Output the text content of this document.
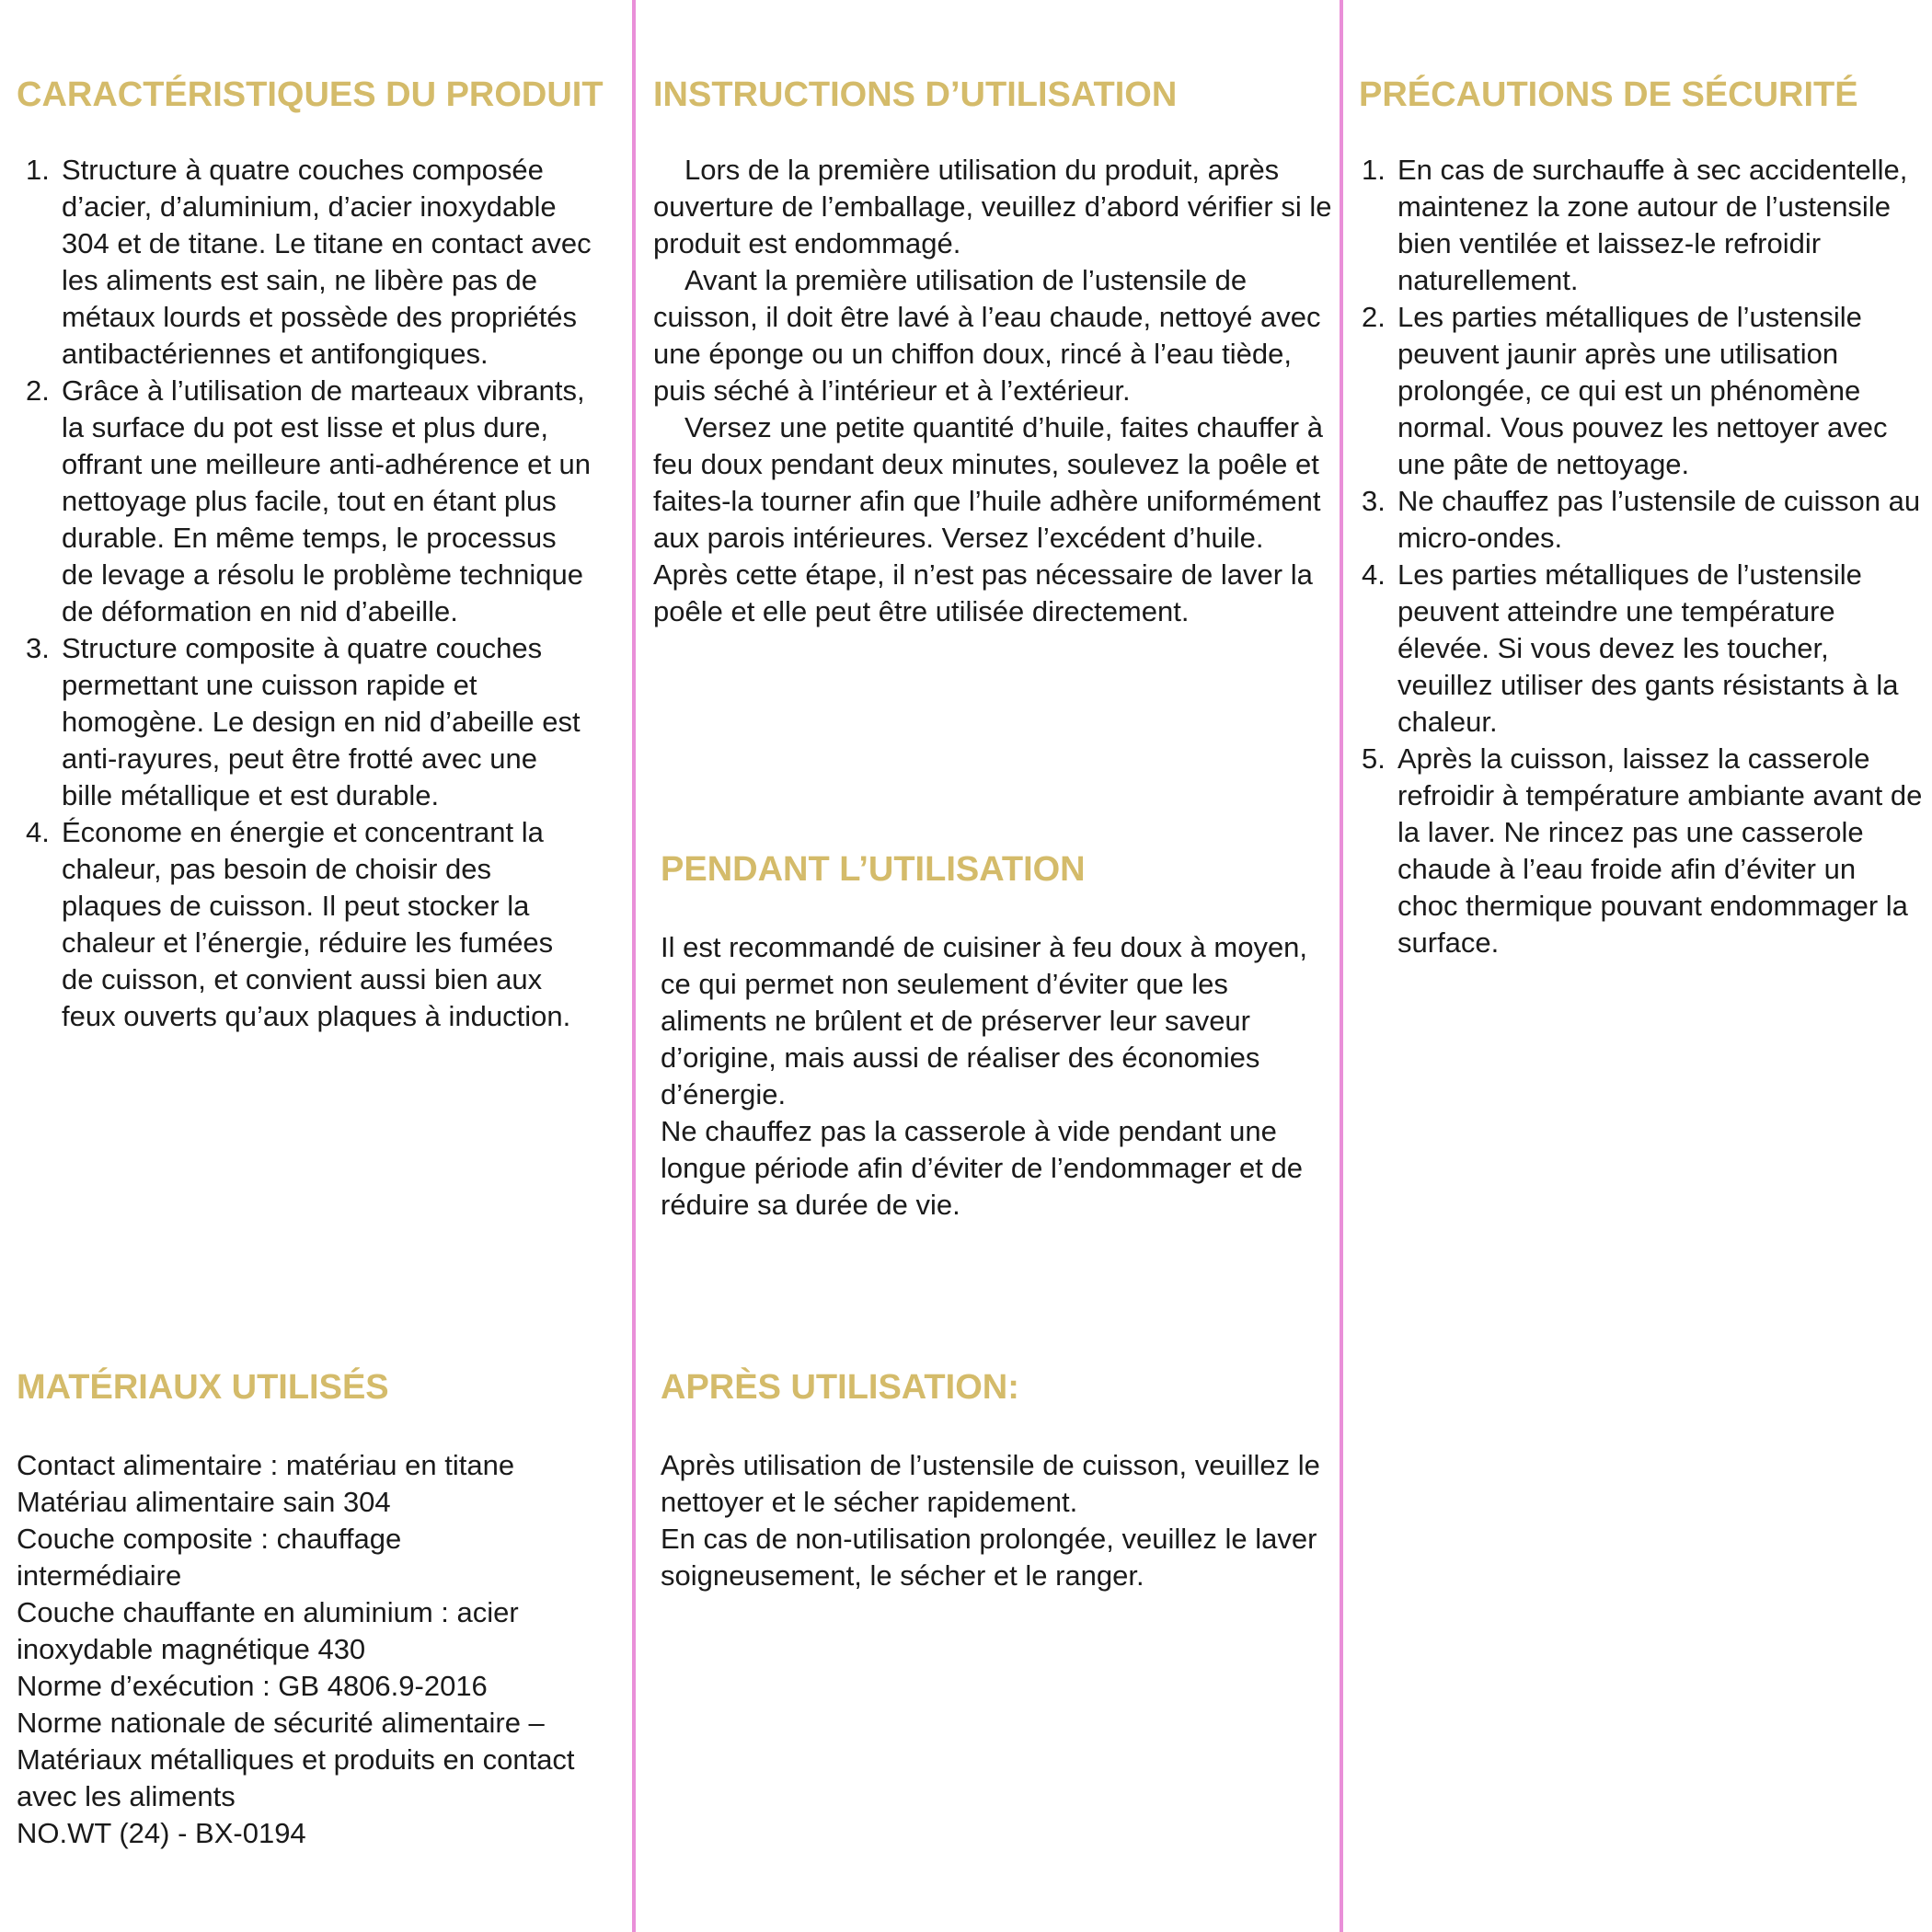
CARACTÉRISTIQUES DU PRODUIT
1. Structure à quatre couches composée d’acier, d’aluminium, d’acier inoxydable 304 et de titane. Le titane en contact avec les aliments est sain, ne libère pas de métaux lourds et possède des propriétés antibactériennes et antifongiques.
2. Grâce à l’utilisation de marteaux vibrants, la surface du pot est lisse et plus dure, offrant une meilleure anti-adhérence et un nettoyage plus facile, tout en étant plus durable. En même temps, le processus de levage a résolu le problème technique de déformation en nid d’abeille.
3. Structure composite à quatre couches permettant une cuisson rapide et homogène. Le design en nid d’abeille est anti-rayures, peut être frotté avec une bille métallique et est durable.
4. Économe en énergie et concentrant la chaleur, pas besoin de choisir des plaques de cuisson. Il peut stocker la chaleur et l’énergie, réduire les fumées de cuisson, et convient aussi bien aux feux ouverts qu’aux plaques à induction.
MATÉRIAUX UTILISÉS
Contact alimentaire : matériau en titane
Matériau alimentaire sain 304
Couche composite : chauffage intermédiaire
Couche chauffante en aluminium : acier inoxydable magnétique 430
Norme d’exécution : GB 4806.9-2016
Norme nationale de sécurité alimentaire – Matériaux métalliques et produits en contact avec les aliments
NO.WT (24) - BX-0194
INSTRUCTIONS D’UTILISATION

Lors de la première utilisation du produit, après ouverture de l’emballage, veuillez d’abord vérifier si le produit est endommagé.

Avant la première utilisation de l’ustensile de cuisson, il doit être lavé à l’eau chaude, nettoyé avec une éponge ou un chiffon doux, rincé à l’eau tiède, puis séché à l’intérieur et à l’extérieur.

Versez une petite quantité d’huile, faites chauffer à feu doux pendant deux minutes, soulevez la poêle et faites-la tourner afin que l’huile adhère uniformément aux parois intérieures. Versez l’excédent d’huile. Après cette étape, il n’est pas nécessaire de laver la poêle et elle peut être utilisée directement.

PENDANT L’UTILISATION

Il est recommandé de cuisiner à feu doux à moyen, ce qui permet non seulement d’éviter que les aliments ne brûlent et de préserver leur saveur d’origine, mais aussi de réaliser des économies d’énergie.

Ne chauffez pas la casserole à vide pendant une longue période afin d’éviter de l’endommager et de réduire sa durée de vie.

APRÈS UTILISATION:

Après utilisation de l’ustensile de cuisson, veuillez le nettoyer et le sécher rapidement.

En cas de non-utilisation prolongée, veuillez le laver soigneusement, le sécher et le ranger.

PRÉCAUTIONS DE SÉCURITÉ
1. En cas de surchauffe à sec accidentelle, maintenez la zone autour de l’ustensile bien ventilée et laissez-le refroidir naturellement.
2. Les parties métalliques de l’ustensile peuvent jaunir après une utilisation prolongée, ce qui est un phénomène normal. Vous pouvez les nettoyer avec une pâte de nettoyage.
3. Ne chauffez pas l’ustensile de cuisson au micro-ondes.
4. Les parties métalliques de l’ustensile peuvent atteindre une température élevée. Si vous devez les toucher, veuillez utiliser des gants résistants à la chaleur.
5. Après la cuisson, laissez la casserole refroidir à température ambiante avant de la laver. Ne rincez pas une casserole chaude à l’eau froide afin d’éviter un choc thermique pouvant endommager la surface.
